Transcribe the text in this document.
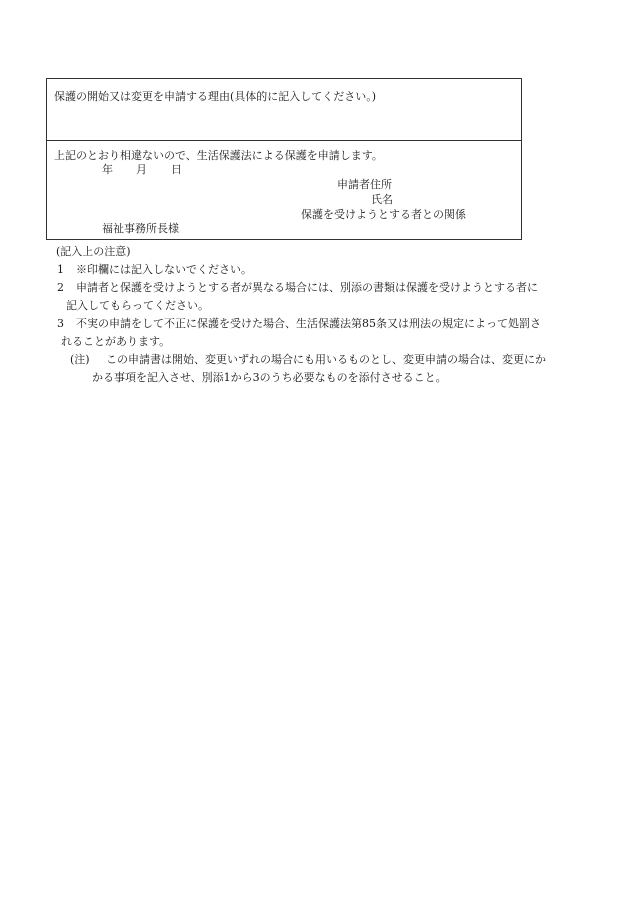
保護の開始又は変更を申請する理由(具体的に記入してください。)
上記のとおり相違ないので、生活保護法による保護を申請します。
年 月 日
申請者住所
氏名
保護を受けようとする者との関係
福祉事務所長様
(記入上の注意)
1 ※印欄には記入しないでください。
2 申請者と保護を受けようとする者が異なる場合には、別添の書類は保護を受けようとする者に
記入してもらってください。
3 不実の申請をして不正に保護を受けた場合、生活保護法第85条又は刑法の規定によって処罰さ
れることがあります。
(注) この申請書は開始、変更いずれの場合にも用いるものとし、変更申請の場合は、変更にか
かる事項を記入させ、別添1から3のうち必要なものを添付させること。
